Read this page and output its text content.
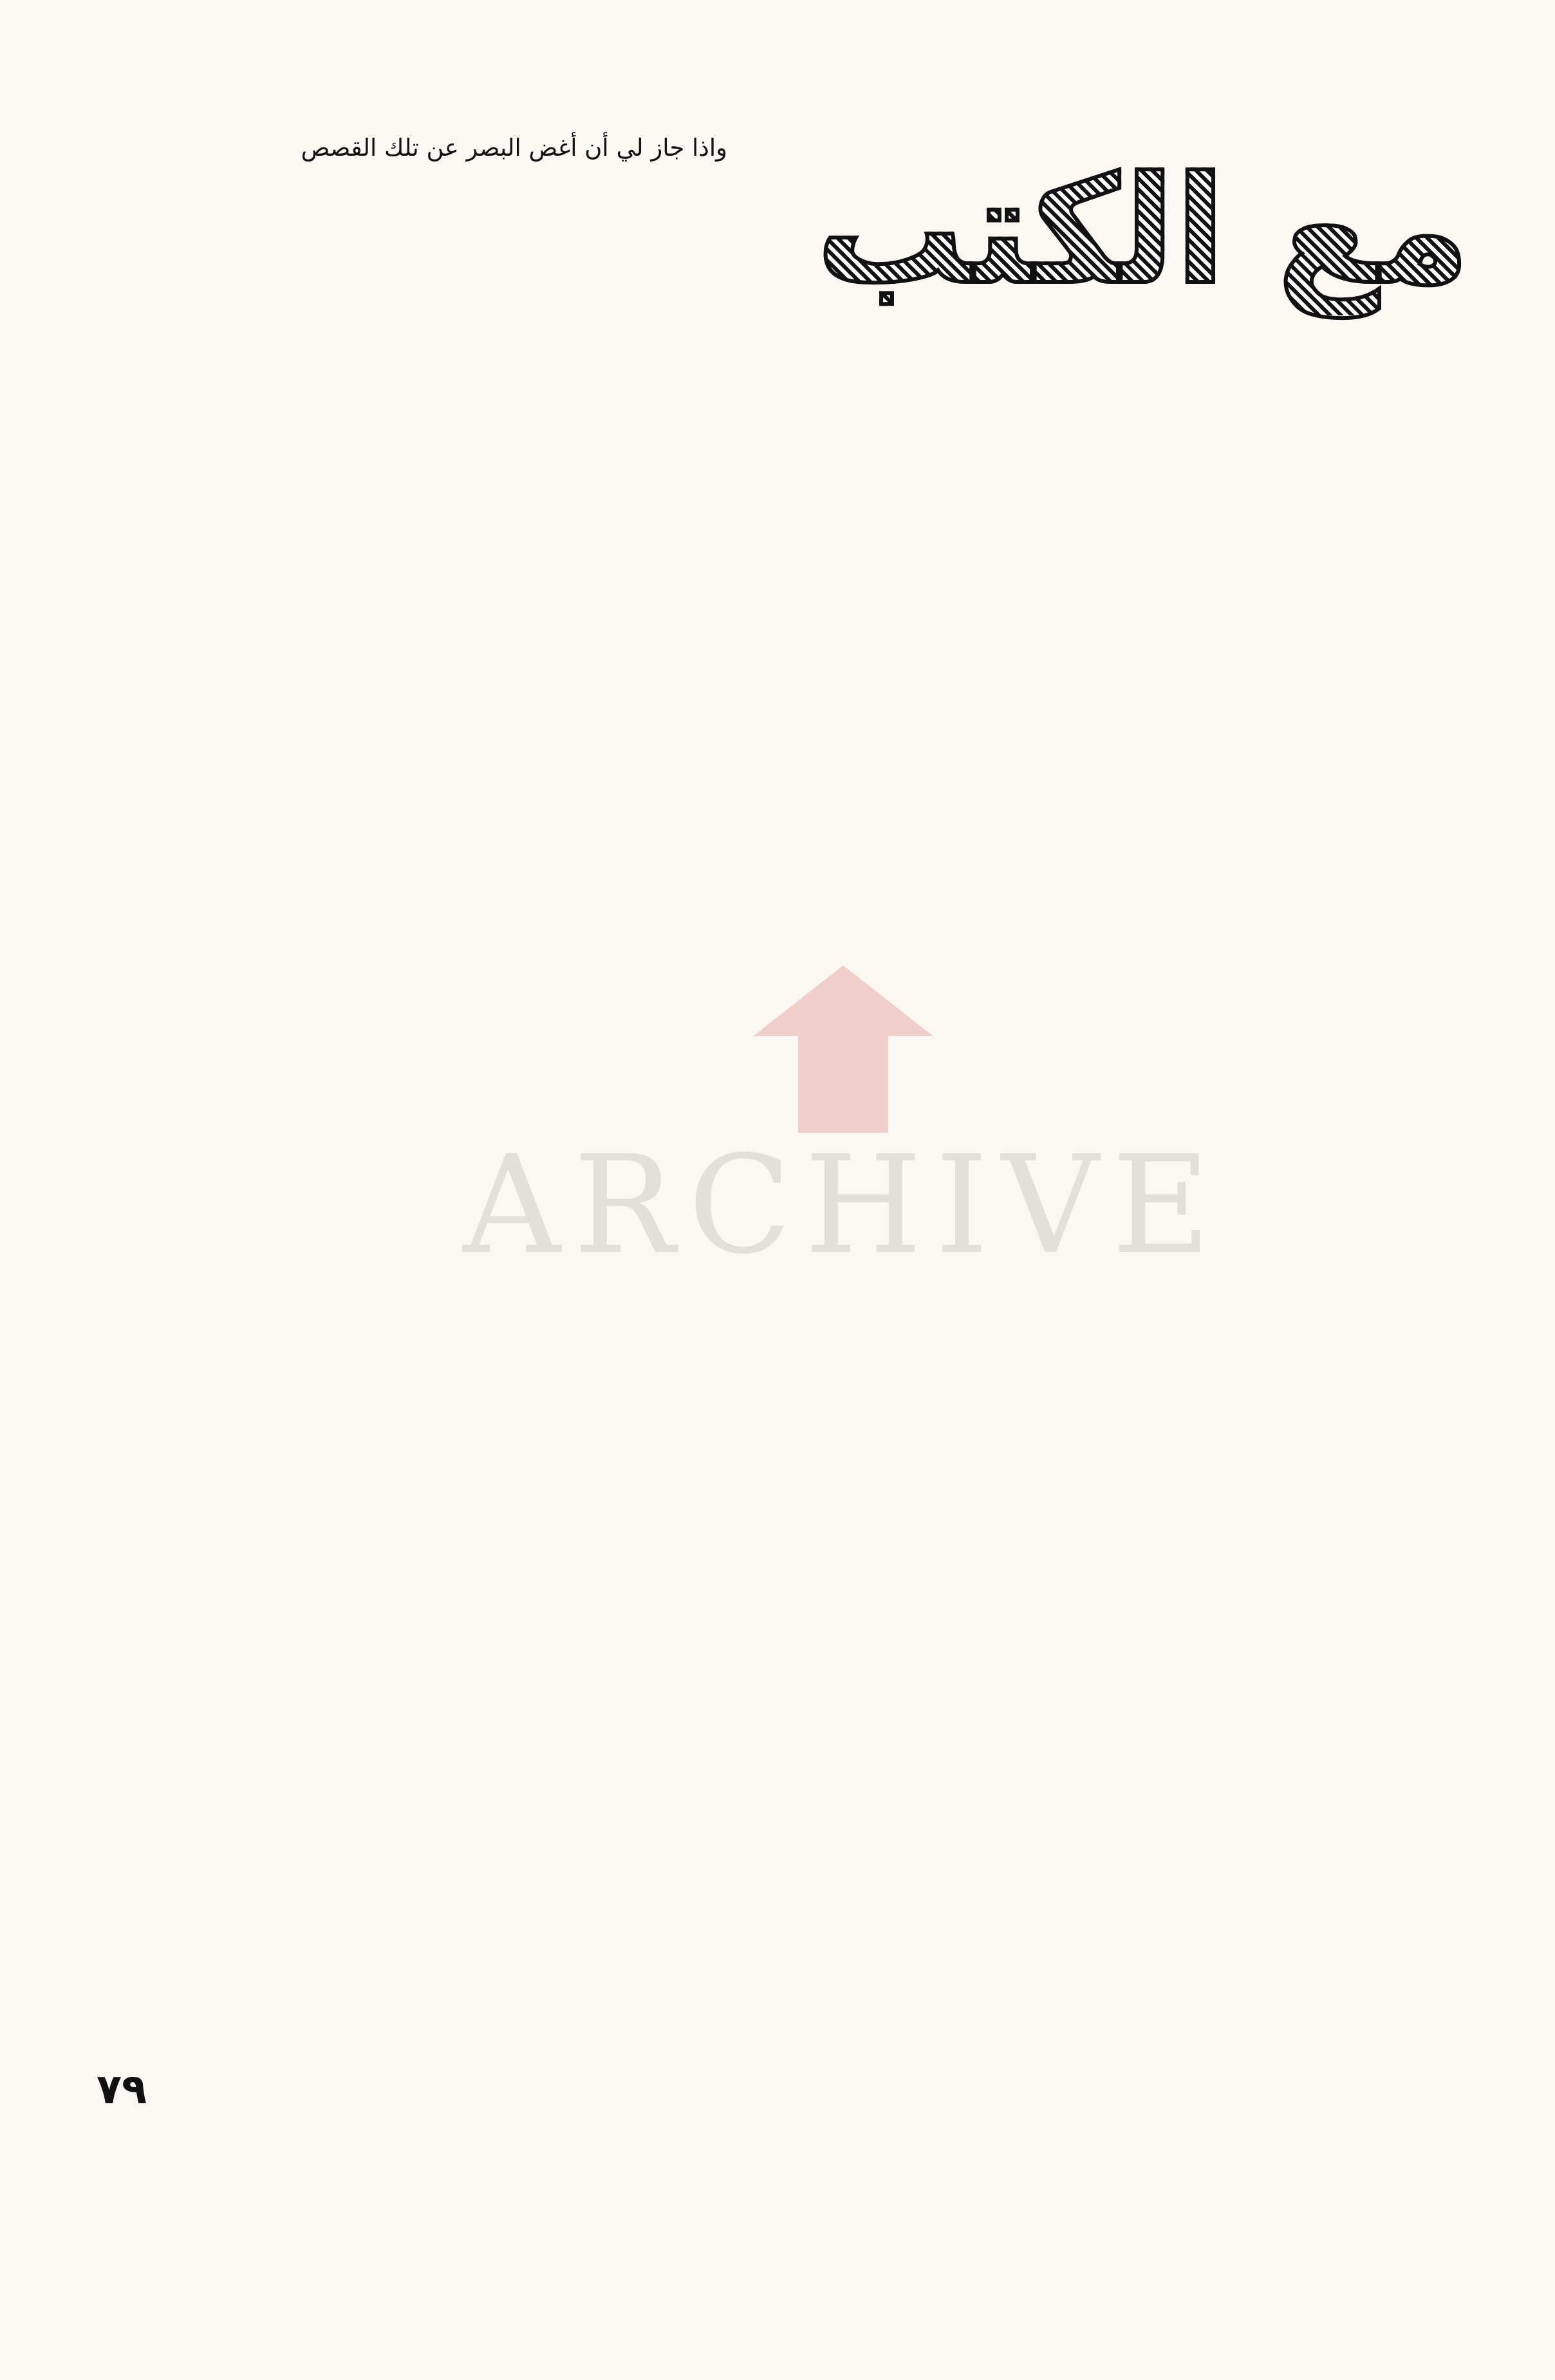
مع الكتب
واذا جاز لي أن أغض البصر عن تلك القصص
ARCHIVE
٧٩
